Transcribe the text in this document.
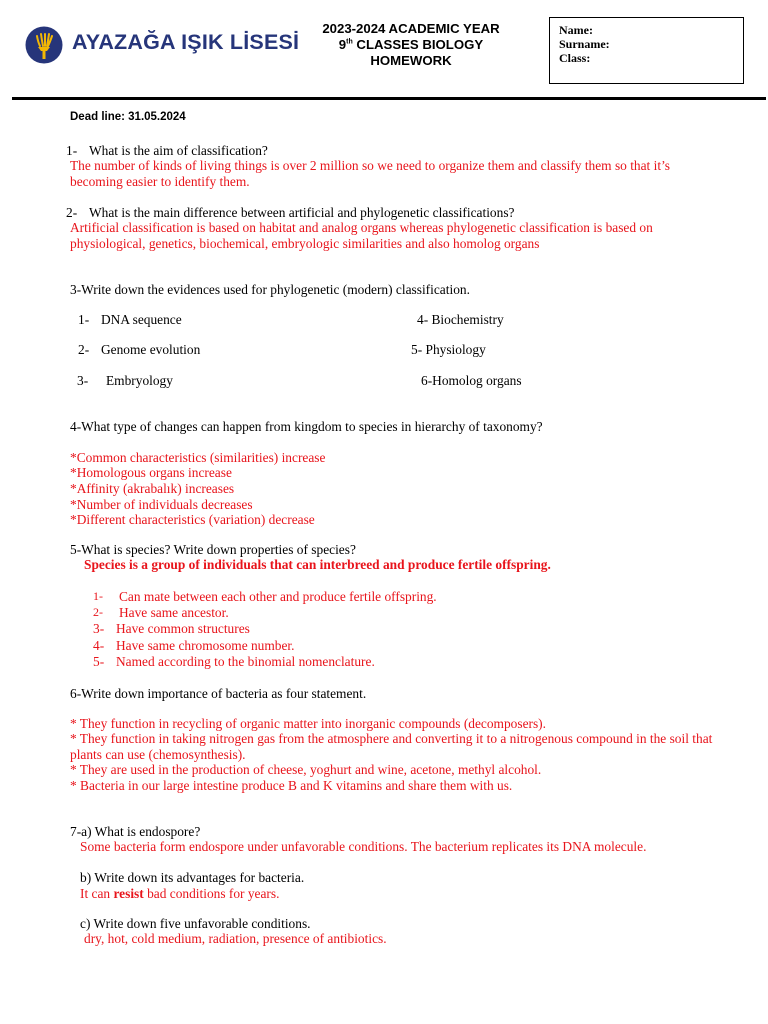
AYAZAĞA IŞIK LİSESİ
2023-2024 ACADEMIC YEAR
9th CLASSES BIOLOGY
HOMEWORK
Name:
Surname:
Class:
Dead line: 31.05.2024
1- What is the aim of classification?
The number of kinds of living things is over 2 million so we need to organize them and classify them so that it’s becoming easier to identify them.
2- What is the main difference between artificial and phylogenetic classifications?
Artificial classification is based on habitat and analog organs whereas phylogenetic classification is based on physiological, genetics, biochemical, embryologic similarities and also homolog organs
3-Write down the evidences used for phylogenetic (modern) classification.
1- DNA sequence
2- Genome evolution
3- Embryology
4- Biochemistry
5- Physiology
6-Homolog organs
4-What type of changes can happen from kingdom to species in hierarchy of taxonomy?
*Common characteristics (similarities) increase
*Homologous organs increase
*Affinity (akrabalık) increases
*Number of individuals decreases
*Different characteristics (variation) decrease
5-What is species? Write down properties of species?
Species is a group of individuals that can interbreed and produce fertile offspring.
1- Can mate between each other and produce fertile offspring.
2- Have same ancestor.
3- Have common structures
4- Have same chromosome number.
5- Named according to the binomial nomenclature.
6-Write down importance of bacteria as four statement.
* They function in recycling of organic matter into inorganic compounds (decomposers).
* They function in taking nitrogen gas from the atmosphere and converting it to a nitrogenous compound in the soil that plants can use (chemosynthesis).
* They are used in the production of cheese, yoghurt and wine, acetone, methyl alcohol.
* Bacteria in our large intestine produce B and K vitamins and share them with us.
7-a) What is endospore?
Some bacteria form endospore under unfavorable conditions. The bacterium replicates its DNA molecule.
b) Write down its advantages for bacteria.
It can resist bad conditions for years.
c) Write down five unfavorable conditions.
dry, hot, cold medium, radiation, presence of antibiotics.
